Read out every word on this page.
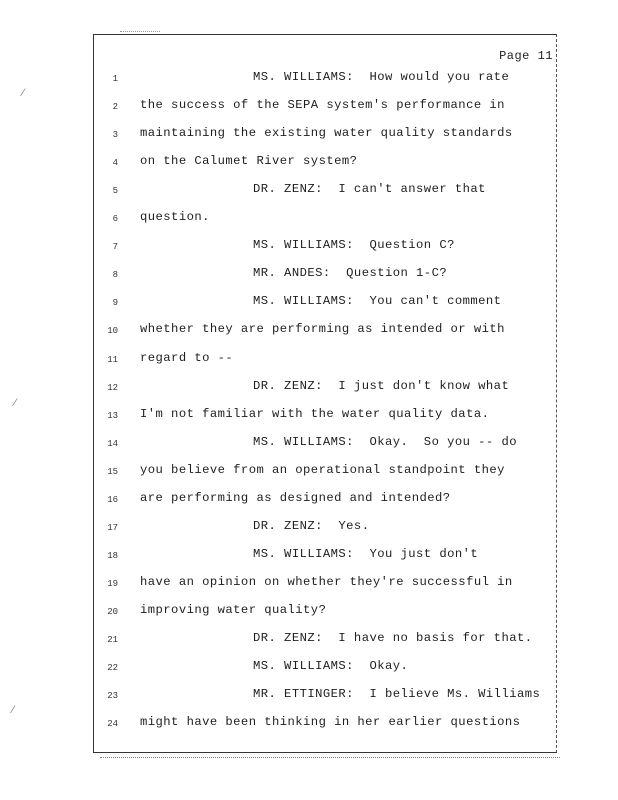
Page 11
1	MS. WILLIAMS:  How would you rate
2 the success of the SEPA system's performance in
3 maintaining the existing water quality standards
4 on the Calumet River system?
5	DR. ZENZ:  I can't answer that
6 question.
7	MS. WILLIAMS:  Question C?
8	MR. ANDES:  Question 1-C?
9	MS. WILLIAMS:  You can't comment
10 whether they are performing as intended or with
11 regard to --
12	DR. ZENZ:  I just don't know what
13 I'm not familiar with the water quality data.
14	MS. WILLIAMS:  Okay.  So you -- do
15 you believe from an operational standpoint they
16 are performing as designed and intended?
17	DR. ZENZ:  Yes.
18	MS. WILLIAMS:  You just don't
19 have an opinion on whether they're successful in
20 improving water quality?
21	DR. ZENZ:  I have no basis for that.
22	MS. WILLIAMS:  Okay.
23	MR. ETTINGER:  I believe Ms. Williams
24 might have been thinking in her earlier questions
⁄
⁄
⁄
